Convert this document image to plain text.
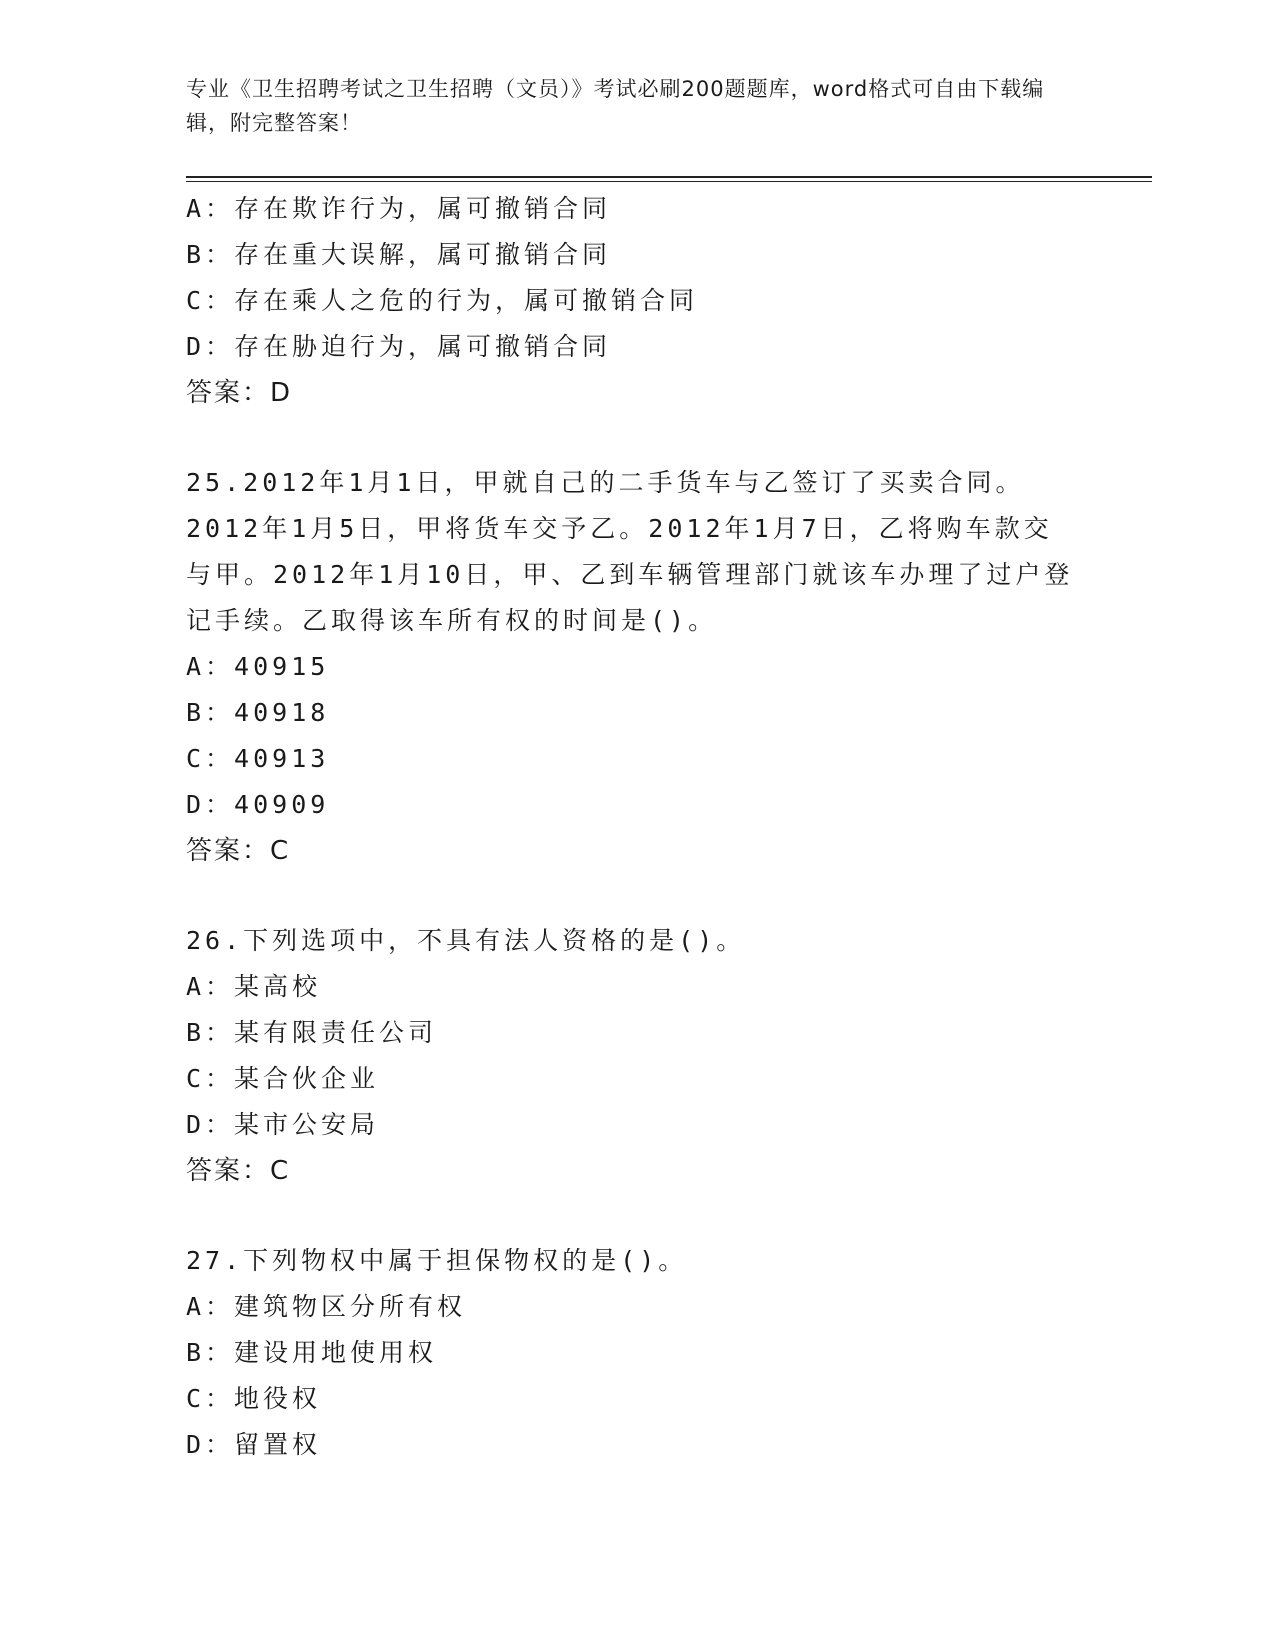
专业《卫生招聘考试之卫生招聘（文员）》考试必刷200题题库，word格式可自由下载编辑，附完整答案！
A：存在欺诈行为，属可撤销合同
B：存在重大误解，属可撤销合同
C：存在乘人之危的行为，属可撤销合同
D：存在胁迫行为，属可撤销合同
答案：D
25.2012年1月1日，甲就自己的二手货车与乙签订了买卖合同。2012年1月5日，甲将货车交予乙。2012年1月7日，乙将购车款交与甲。2012年1月10日，甲、乙到车辆管理部门就该车办理了过户登记手续。乙取得该车所有权的时间是()。
A：40915
B：40918
C：40913
D：40909
答案：C
26.下列选项中，不具有法人资格的是()。
A：某高校
B：某有限责任公司
C：某合伙企业
D：某市公安局
答案：C
27.下列物权中属于担保物权的是()。
A：建筑物区分所有权
B：建设用地使用权
C：地役权
D：留置权
